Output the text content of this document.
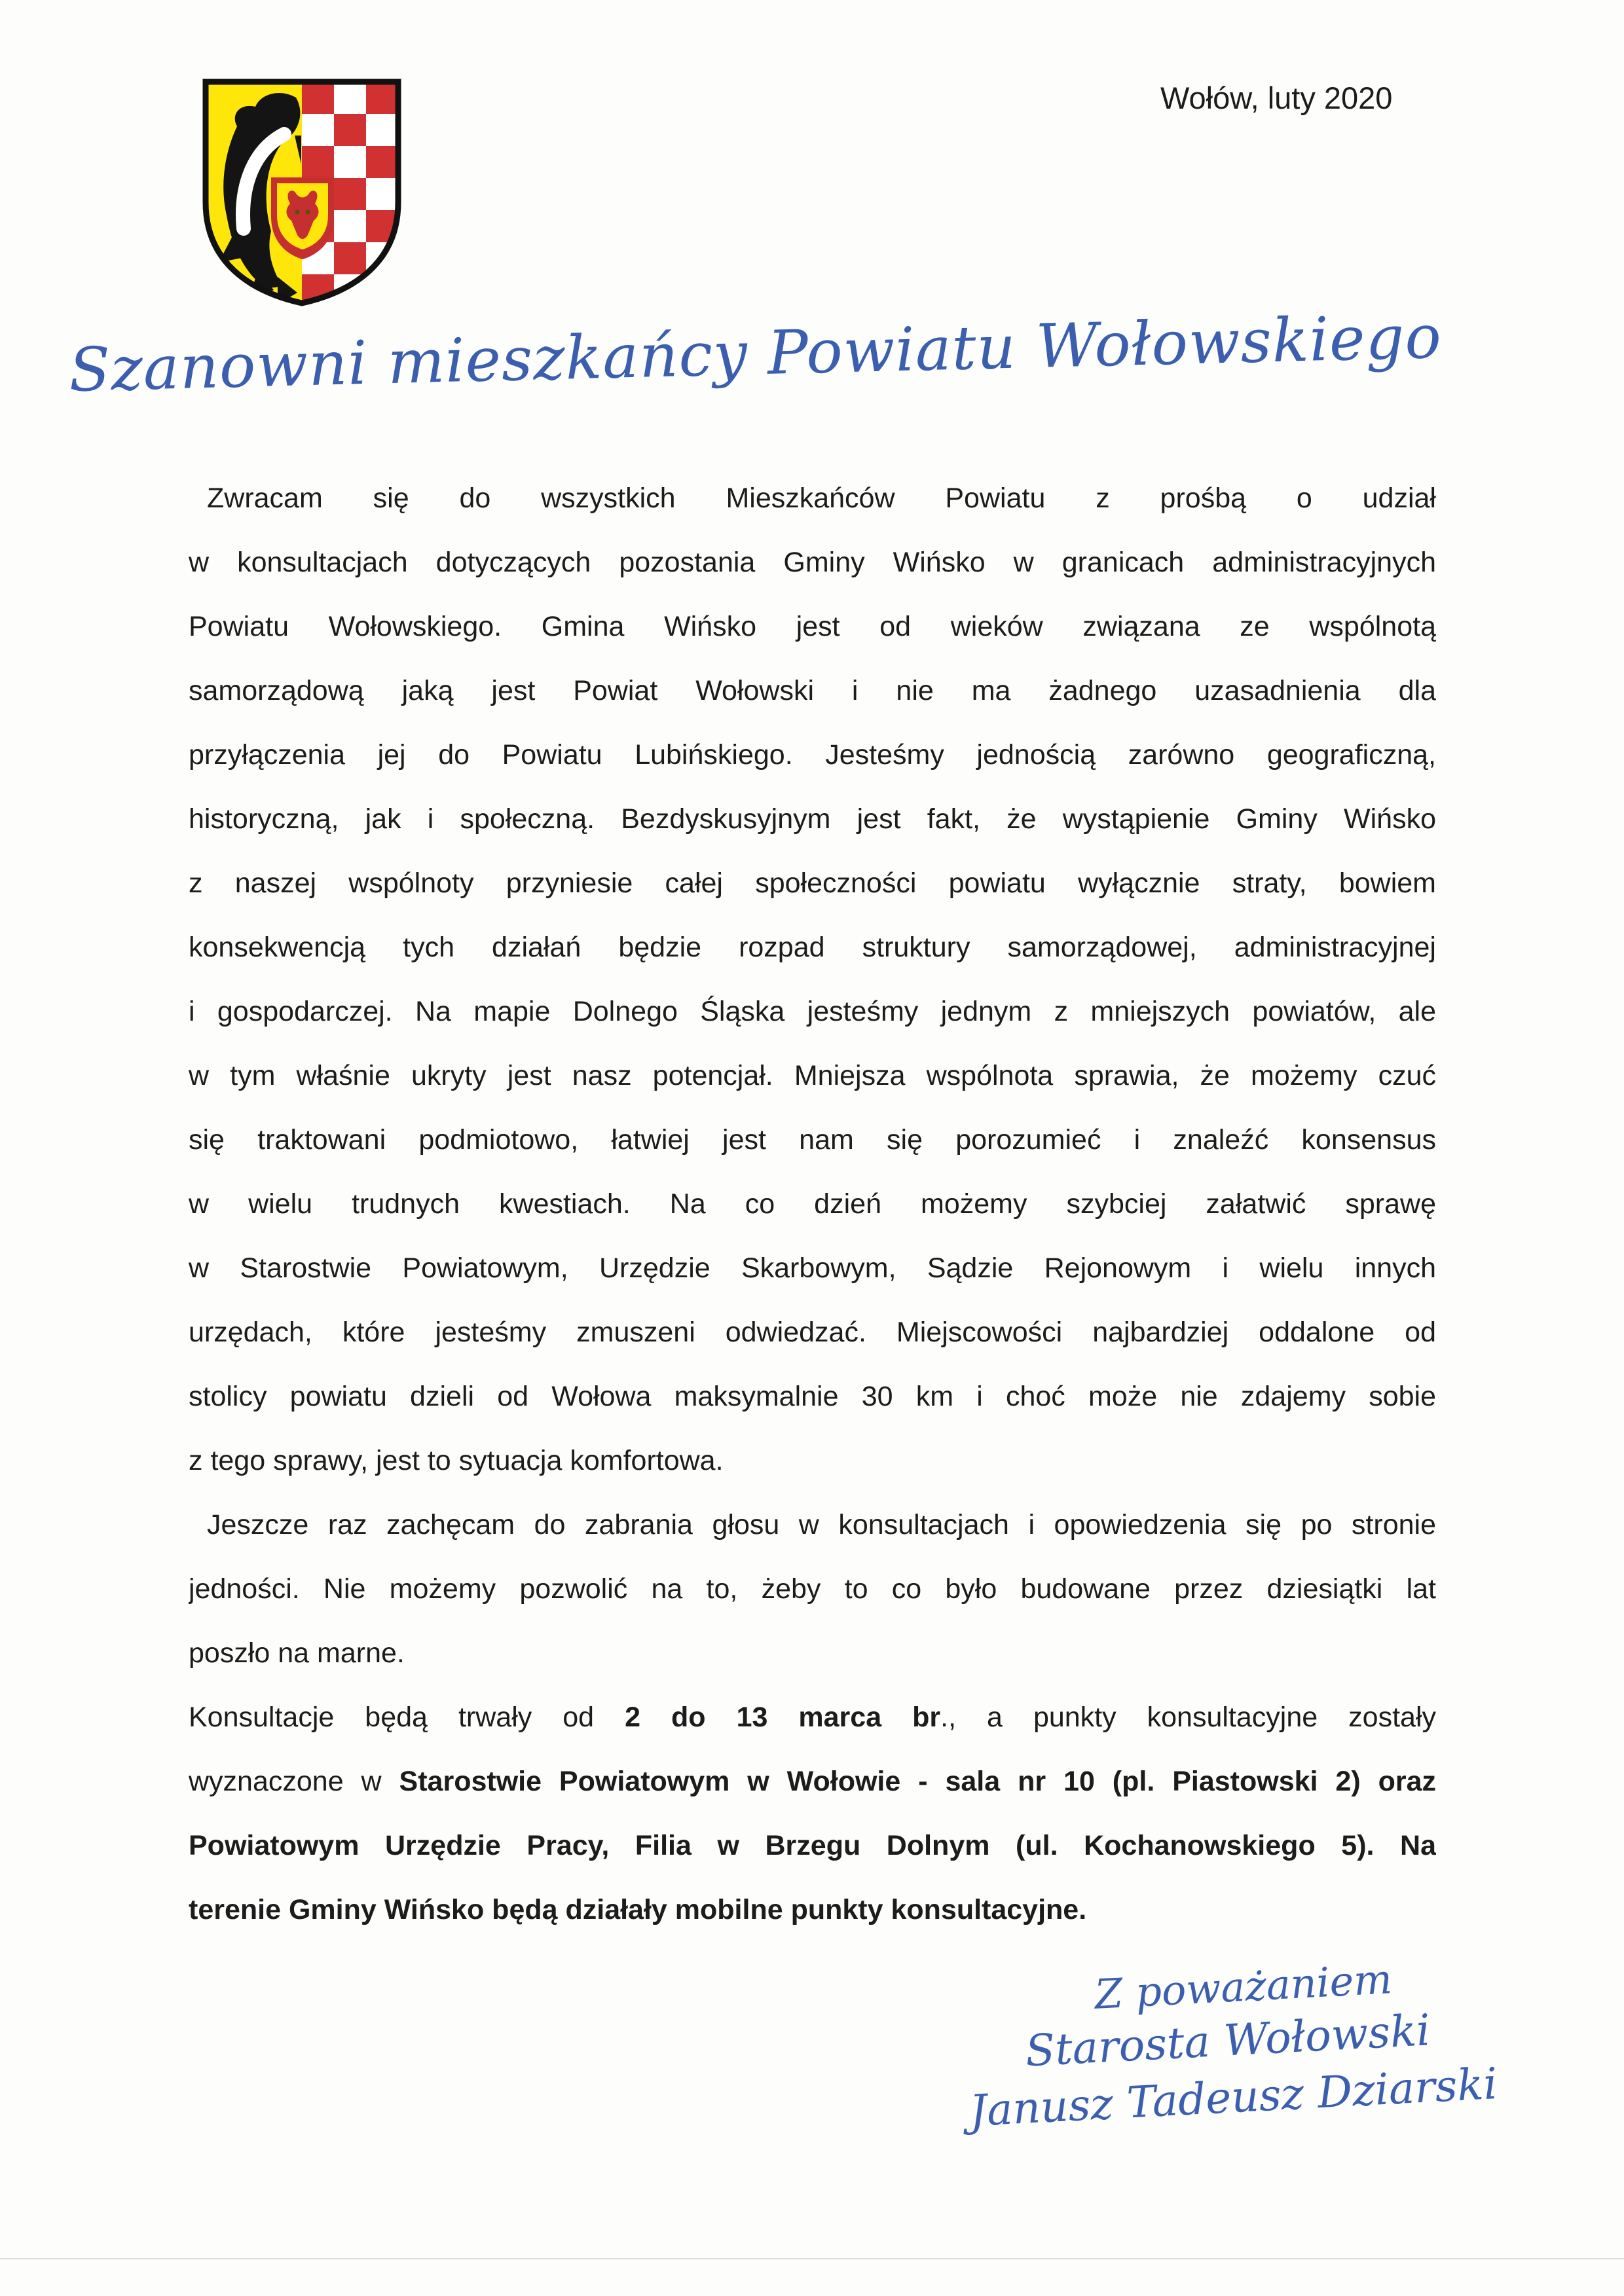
Wołów, luty 2020
Szanowni mieszkańcy Powiatu Wołowskiego
Zwracam się do wszystkich Mieszkańców Powiatu z prośbą o udział
w konsultacjach dotyczących pozostania Gminy Wińsko w granicach administracyjnych
Powiatu Wołowskiego. Gmina Wińsko jest od wieków związana ze wspólnotą
samorządową jaką jest Powiat Wołowski i nie ma żadnego uzasadnienia dla
przyłączenia jej do Powiatu Lubińskiego. Jesteśmy jednością zarówno geograficzną,
historyczną, jak i społeczną. Bezdyskusyjnym jest fakt, że wystąpienie Gminy Wińsko
z naszej wspólnoty przyniesie całej społeczności powiatu wyłącznie straty, bowiem
konsekwencją tych działań będzie rozpad struktury samorządowej, administracyjnej
i gospodarczej. Na mapie Dolnego Śląska jesteśmy jednym z mniejszych powiatów, ale
w tym właśnie ukryty jest nasz potencjał. Mniejsza wspólnota sprawia, że możemy czuć
się traktowani podmiotowo, łatwiej jest nam się porozumieć i znaleźć konsensus
w wielu trudnych kwestiach. Na co dzień możemy szybciej załatwić sprawę
w Starostwie Powiatowym, Urzędzie Skarbowym, Sądzie Rejonowym i wielu innych
urzędach, które jesteśmy zmuszeni odwiedzać. Miejscowości najbardziej oddalone od
stolicy powiatu dzieli od Wołowa maksymalnie 30 km i choć może nie zdajemy sobie
z tego sprawy, jest to sytuacja komfortowa.
Jeszcze raz zachęcam do zabrania głosu w konsultacjach i opowiedzenia się po stronie
jedności. Nie możemy pozwolić na to, żeby to co było budowane przez dziesiątki lat
poszło na marne.
Konsultacje będą trwały od 2 do 13 marca br., a punkty konsultacyjne zostały
wyznaczone w Starostwie Powiatowym w Wołowie - sala nr 10 (pl. Piastowski 2) oraz
Powiatowym Urzędzie Pracy, Filia w Brzegu Dolnym (ul. Kochanowskiego 5). Na
terenie Gminy Wińsko będą działały mobilne punkty konsultacyjne.
Z poważaniem
Starosta Wołowski
Janusz Tadeusz Dziarski
